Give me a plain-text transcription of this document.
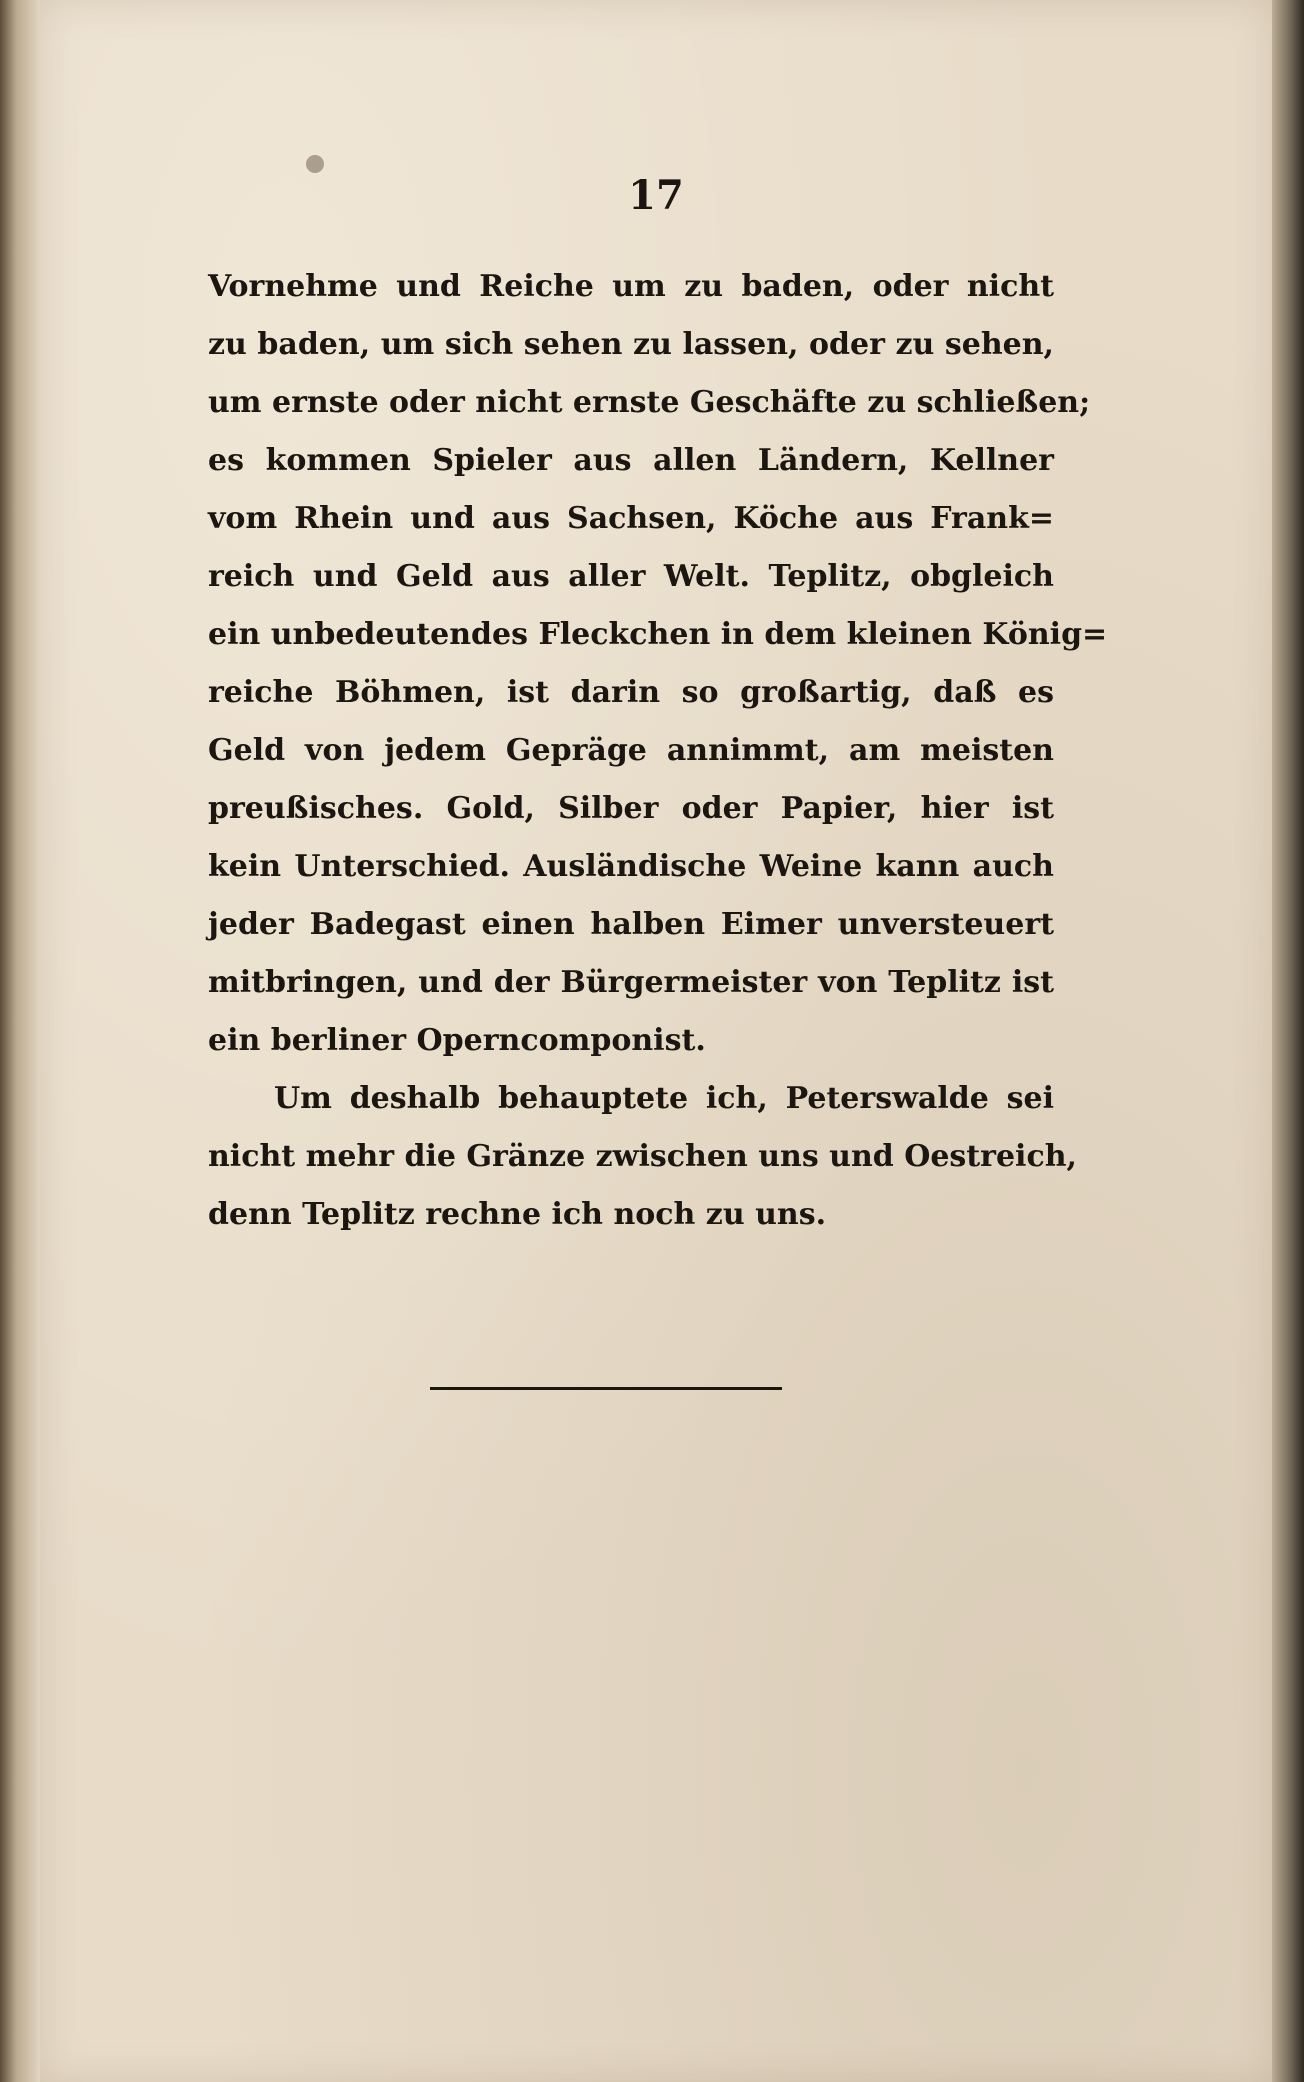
17
Vornehme und Reiche um zu baden, oder nicht
zu baden, um sich sehen zu lassen, oder zu sehen,
um ernste oder nicht ernste Geschäfte zu schließen;
es kommen Spieler aus allen Ländern, Kellner
vom Rhein und aus Sachsen, Köche aus Frank=
reich und Geld aus aller Welt. Teplitz, obgleich
ein unbedeutendes Fleckchen in dem kleinen König=
reiche Böhmen, ist darin so großartig, daß es
Geld von jedem Gepräge annimmt, am meisten
preußisches. Gold, Silber oder Papier, hier ist
kein Unterschied. Ausländische Weine kann auch
jeder Badegast einen halben Eimer unversteuert
mitbringen, und der Bürgermeister von Teplitz ist
ein berliner Operncomponist.
Um deshalb behauptete ich, Peterswalde sei
nicht mehr die Gränze zwischen uns und Oestreich,
denn Teplitz rechne ich noch zu uns.
